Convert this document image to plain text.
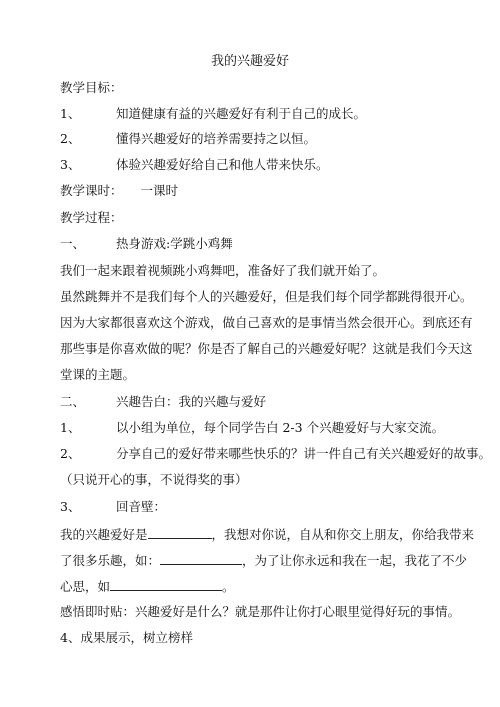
我的兴趣爱好
教学目标：
1、	知道健康有益的兴趣爱好有利于自己的成长。
2、	懂得兴趣爱好的培养需要持之以恒。
3、	体验兴趣爱好给自己和他人带来快乐。
教学课时： 一课时
教学过程：
一、 热身游戏:学跳小鸡舞
我们一起来跟着视频跳小鸡舞吧，准备好了我们就开始了。
虽然跳舞并不是我们每个人的兴趣爱好，但是我们每个同学都跳得很开心。
因为大家都很喜欢这个游戏，做自己喜欢的是事情当然会很开心。到底还有
那些事是你喜欢做的呢？你是否了解自己的兴趣爱好呢？这就是我们今天这
堂课的主题。
二、 兴趣告白：我的兴趣与爱好
1、	以小组为单位，每个同学告白 2-3 个兴趣爱好与大家交流。
2、	分享自己的爱好带来哪些快乐的？讲一件自己有关兴趣爱好的故事。
（只说开心的事，不说得奖的事）
3、	回音壁：
我的兴趣爱好是	，我想对你说，自从和你交上朋友，你给我带来
了很多乐趣，如：	，为了让你永远和我在一起，我花了不少
心思，如	。
感悟即时贴：兴趣爱好是什么？就是那件让你打心眼里觉得好玩的事情。
4、成果展示，树立榜样
